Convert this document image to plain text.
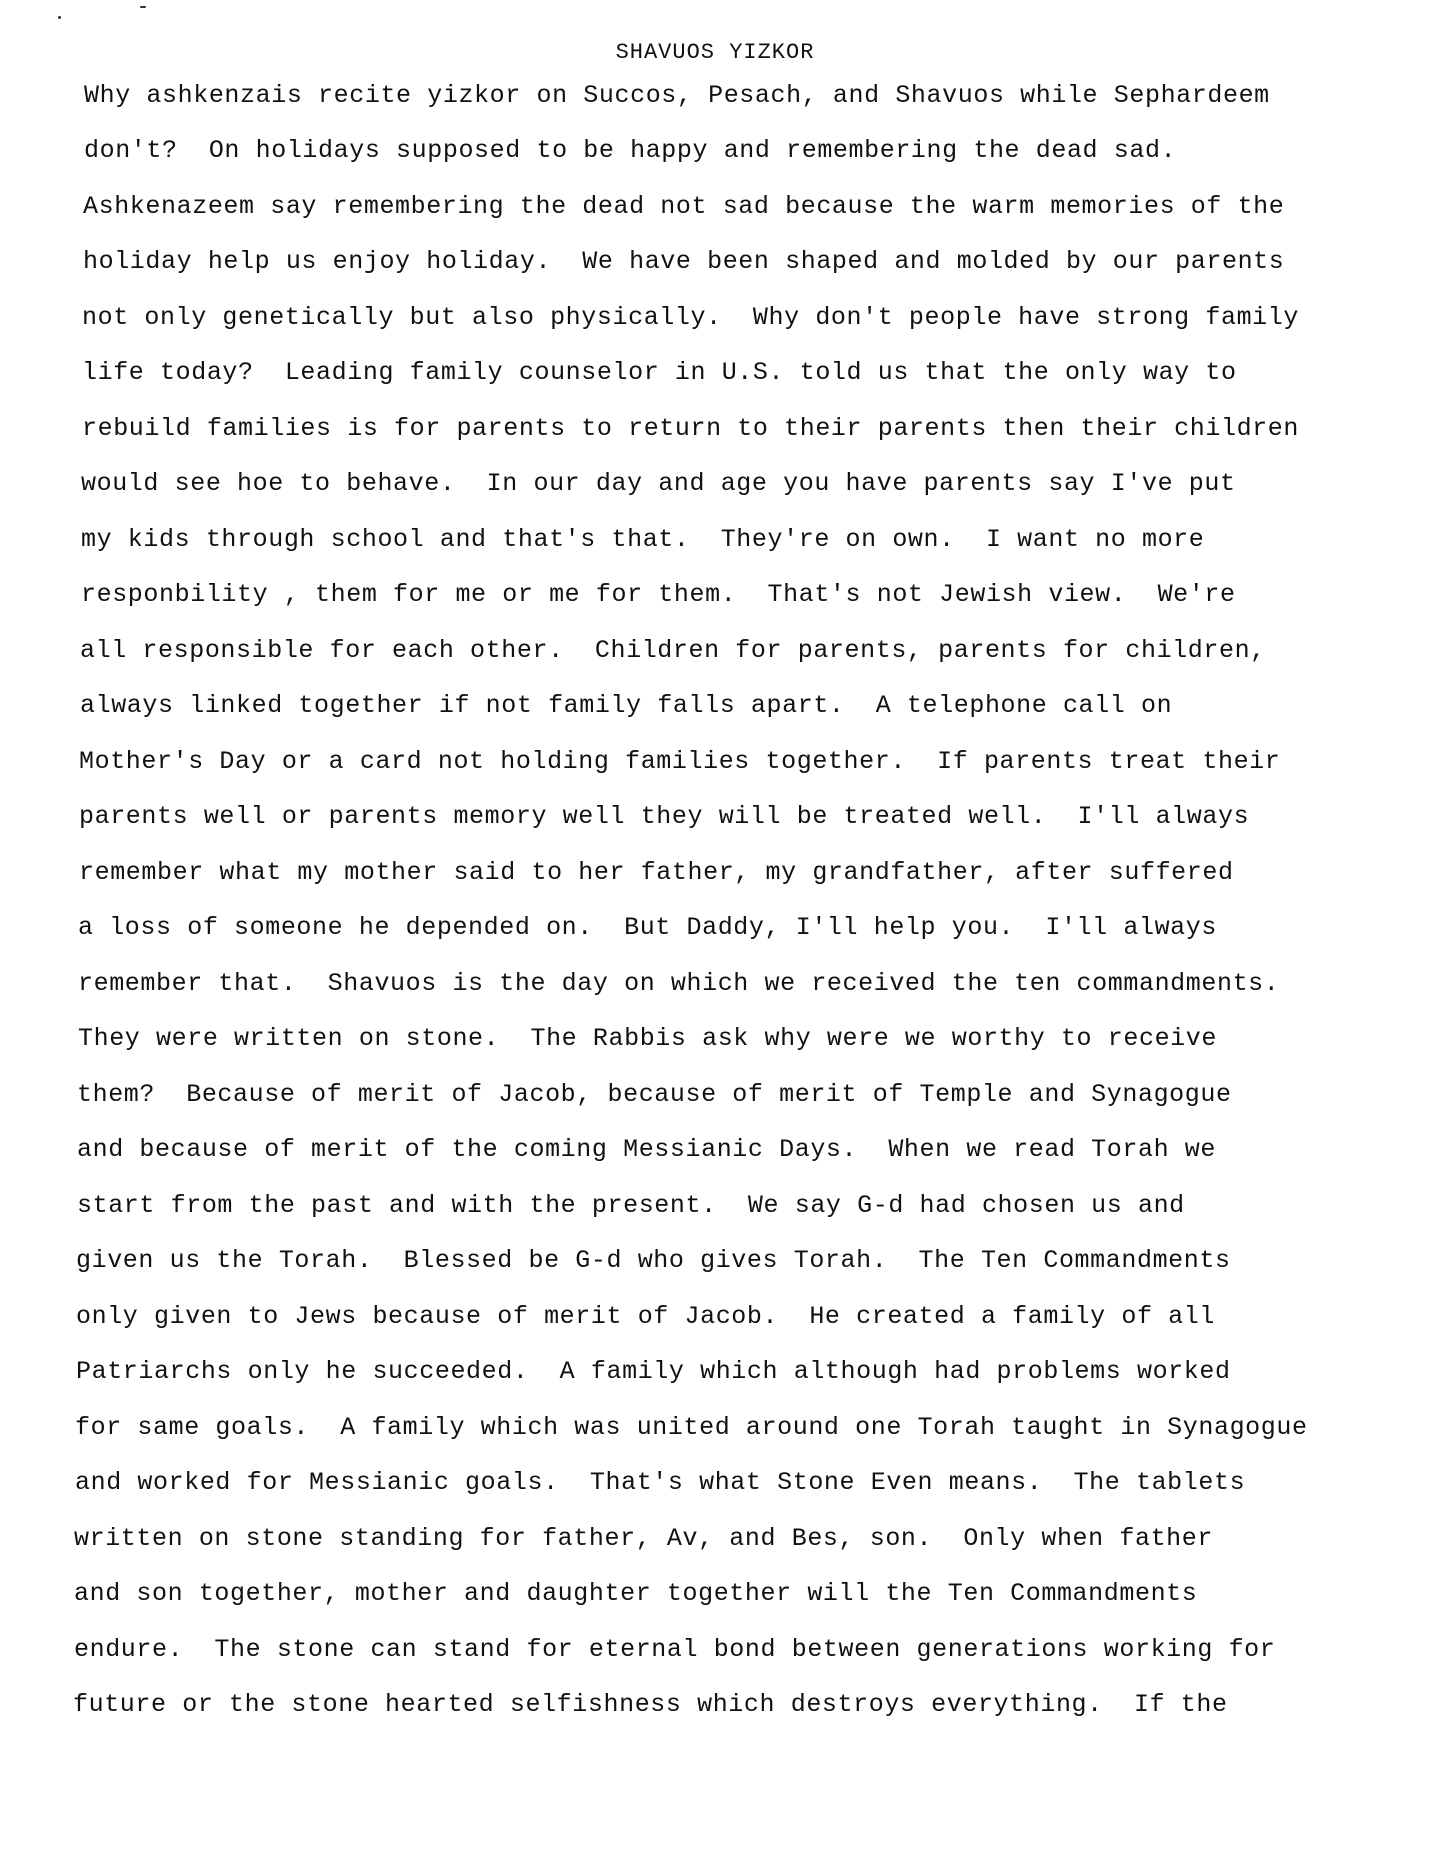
SHAVUOS YIZKOR
Why ashkenzais recite yizkor on Succos, Pesach, and Shavuos while Sephardeem
don't?  On holidays supposed to be happy and remembering the dead sad.
Ashkenazeem say remembering the dead not sad because the warm memories of the
holiday help us enjoy holiday.  We have been shaped and molded by our parents
not only genetically but also physically.  Why don't people have strong family
life today?  Leading family counselor in U.S. told us that the only way to
rebuild families is for parents to return to their parents then their children
would see hoe to behave.  In our day and age you have parents say I've put
my kids through school and that's that.  They're on own.  I want no more
responbility , them for me or me for them.  That's not Jewish view.  We're
all responsible for each other.  Children for parents, parents for children,
always linked together if not family falls apart.  A telephone call on
Mother's Day or a card not holding families together.  If parents treat their
parents well or parents memory well they will be treated well.  I'll always
remember what my mother said to her father, my grandfather, after suffered
a loss of someone he depended on.  But Daddy, I'll help you.  I'll always
remember that.  Shavuos is the day on which we received the ten commandments.
They were written on stone.  The Rabbis ask why were we worthy to receive
them?  Because of merit of Jacob, because of merit of Temple and Synagogue
and because of merit of the coming Messianic Days.  When we read Torah we
start from the past and with the present.  We say G-d had chosen us and
given us the Torah.  Blessed be G-d who gives Torah.  The Ten Commandments
only given to Jews because of merit of Jacob.  He created a family of all
Patriarchs only he succeeded.  A family which although had problems worked
for same goals.  A family which was united around one Torah taught in Synagogue
and worked for Messianic goals.  That's what Stone Even means.  The tablets
written on stone standing for father, Av, and Bes, son.  Only when father
and son together, mother and daughter together will the Ten Commandments
endure.  The stone can stand for eternal bond between generations working for
future or the stone hearted selfishness which destroys everything.  If the
